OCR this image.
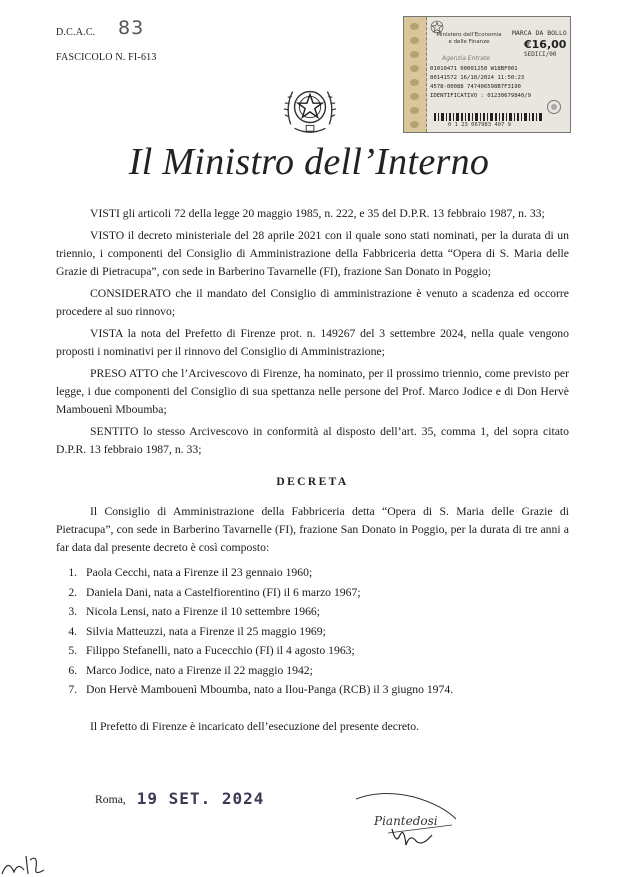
D.C.A.C. 83
FASCICOLO N. FI-613
Ministero dell'Economia e delle Finanze
MARCA DA BOLLO
€16,00
SEDICI/00
Agenzia Entrate
01010471 00001250 W18BF001
80141572 16/10/2024 11:50:23
4578-00088 747406598B7F3190
IDENTIFICATIVO : 01230679840/9
0 1 23 067983 407 9
Il Ministro dell’Interno

VISTI gli articoli 72 della legge 20 maggio 1985, n. 222, e 35 del D.P.R. 13 febbraio 1987, n. 33;

VISTO il decreto ministeriale del 28 aprile 2021 con il quale sono stati nominati, per la durata di un triennio, i componenti del Consiglio di Amministrazione della Fabbriceria detta “Opera di S. Maria delle Grazie di Pietracupa”, con sede in Barberino Tavarnelle (FI), frazione San Donato in Poggio;

CONSIDERATO che il mandato del Consiglio di amministrazione è venuto a scadenza ed occorre procedere al suo rinnovo;

VISTA la nota del Prefetto di Firenze prot. n. 149267 del 3 settembre 2024, nella quale vengono proposti i nominativi per il rinnovo del Consiglio di Amministrazione;

PRESO ATTO che l’Arcivescovo di Firenze, ha nominato, per il prossimo triennio, come previsto per legge, i due componenti del Consiglio di sua spettanza nelle persone del Prof. Marco Jodice e di Don Hervè Mambouenì Mboumba;

SENTITO lo stesso Arcivescovo in conformità al disposto dell’art. 35, comma 1, del sopra citato D.P.R. 13 febbraio 1987, n. 33;

DECRETA

Il Consiglio di Amministrazione della Fabbriceria detta “Opera di S. Maria delle Grazie di Pietracupa”, con sede in Barberino Tavarnelle (FI), frazione San Donato in Poggio, per la durata di tre anni a far data dal presente decreto è così composto:

1. Paola Cecchi, nata a Firenze il 23 gennaio 1960;
2. Daniela Dani, nata a Castelfiorentino (FI) il 6 marzo 1967;
3. Nicola Lensi, nato a Firenze il 10 settembre 1966;
4. Silvia Matteuzzi, nata a Firenze il 25 maggio 1969;
5. Filippo Stefanelli, nato a Fucecchio (FI) il 4 agosto 1963;
6. Marco Jodice, nato a Firenze il 22 maggio 1942;
7. Don Hervè Mambouenì Mboumba, nato a Ilou-Panga (RCB) il 3 giugno 1974.

Il Prefetto di Firenze è incaricato dell’esecuzione del presente decreto.

Roma, 19 SET. 2024
Piantedosi
